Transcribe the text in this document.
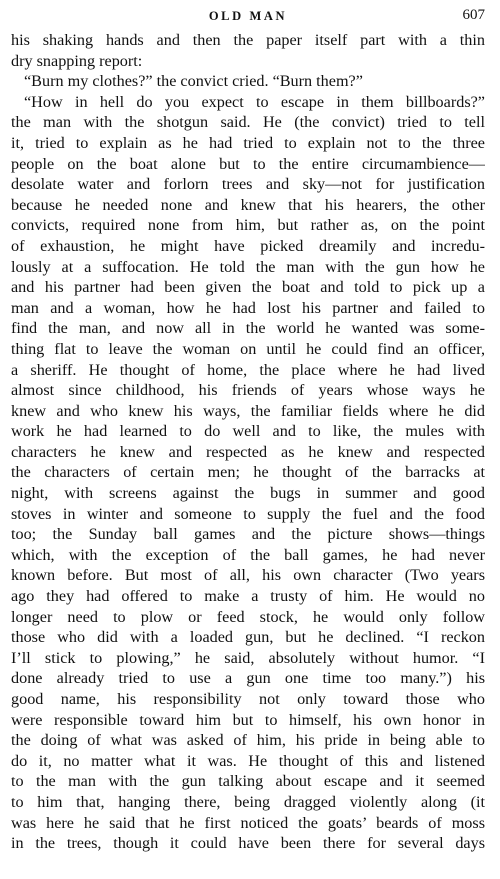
OLD MAN	607
his shaking hands and then the paper itself part with a thin
dry snapping report:
“Burn my clothes?” the convict cried. “Burn them?”
“How in hell do you expect to escape in them billboards?”
the man with the shotgun said. He (the convict) tried to tell
it, tried to explain as he had tried to explain not to the three
people on the boat alone but to the entire circumambience—
desolate water and forlorn trees and sky—not for justification
because he needed none and knew that his hearers, the other
convicts, required none from him, but rather as, on the point
of exhaustion, he might have picked dreamily and incredu-
lously at a suffocation. He told the man with the gun how he
and his partner had been given the boat and told to pick up a
man and a woman, how he had lost his partner and failed to
find the man, and now all in the world he wanted was some-
thing flat to leave the woman on until he could find an officer,
a sheriff. He thought of home, the place where he had lived
almost since childhood, his friends of years whose ways he
knew and who knew his ways, the familiar fields where he did
work he had learned to do well and to like, the mules with
characters he knew and respected as he knew and respected
the characters of certain men; he thought of the barracks at
night, with screens against the bugs in summer and good
stoves in winter and someone to supply the fuel and the food
too; the Sunday ball games and the picture shows—things
which, with the exception of the ball games, he had never
known before. But most of all, his own character (Two years
ago they had offered to make a trusty of him. He would no
longer need to plow or feed stock, he would only follow
those who did with a loaded gun, but he declined. “I reckon
I’ll stick to plowing,” he said, absolutely without humor. “I
done already tried to use a gun one time too many.”) his
good name, his responsibility not only toward those who
were responsible toward him but to himself, his own honor in
the doing of what was asked of him, his pride in being able to
do it, no matter what it was. He thought of this and listened
to the man with the gun talking about escape and it seemed
to him that, hanging there, being dragged violently along (it
was here he said that he first noticed the goats’ beards of moss
in the trees, though it could have been there for several days
